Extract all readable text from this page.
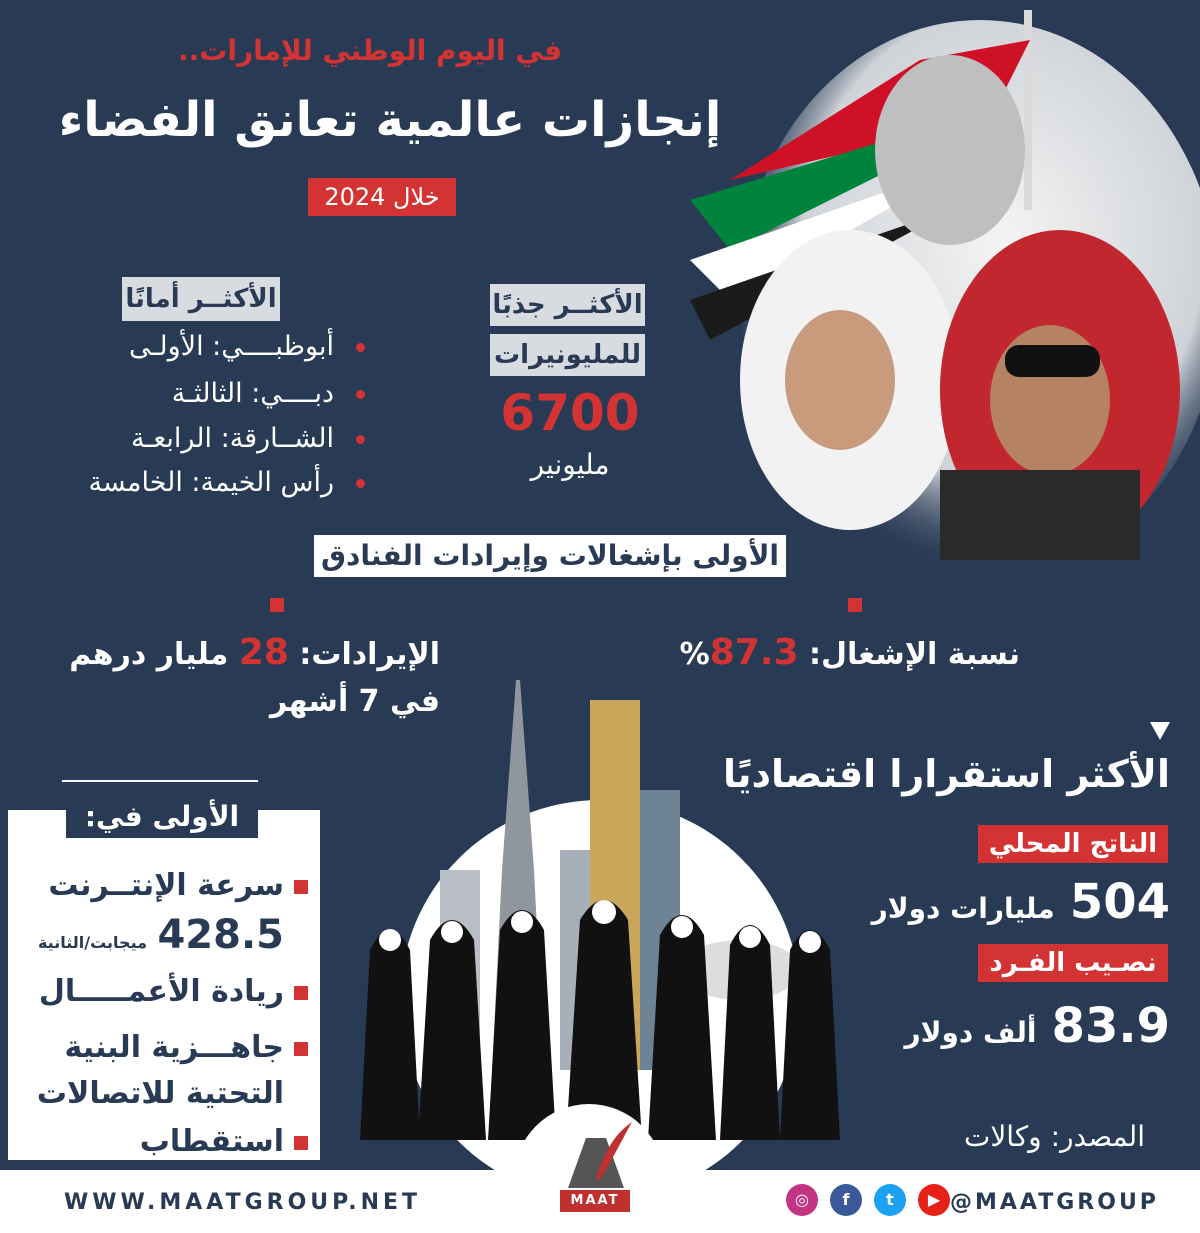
في اليوم الوطني للإمارات..
إنجازات عالمية تعانق الفضاء
خلال 2024
الأكثــر أمانًا
أبوظبــــي: الأولـى
دبــــي: الثالثـة
الشــارقة: الرابعـة
رأس الخيمة: الخامسة
الأكثــر جذبًا
للمليونيرات
6700
مليونير
الأولى بإشغالات وإيرادات الفنادق
نسبة الإشغال: 87.3%
الإيرادات: 28 مليار درهم
في 7 أشهر
الأكثر استقرارا اقتصاديًا
الناتج المحلي
504 مليارات دولار
نصـيب الفـرد
83.9 ألف دولار
المصدر: وكالات
الأولى في:
سرعة الإنتــرنت
428.5 ميجابت/الثانية
ريادة الأعمـــــال
جاهـــزية البنية
التحتية للاتصالات
استقطاب
WWW.MAATGROUP.NET	MAAT	◎	f	t	▶ @MAATGROUP
